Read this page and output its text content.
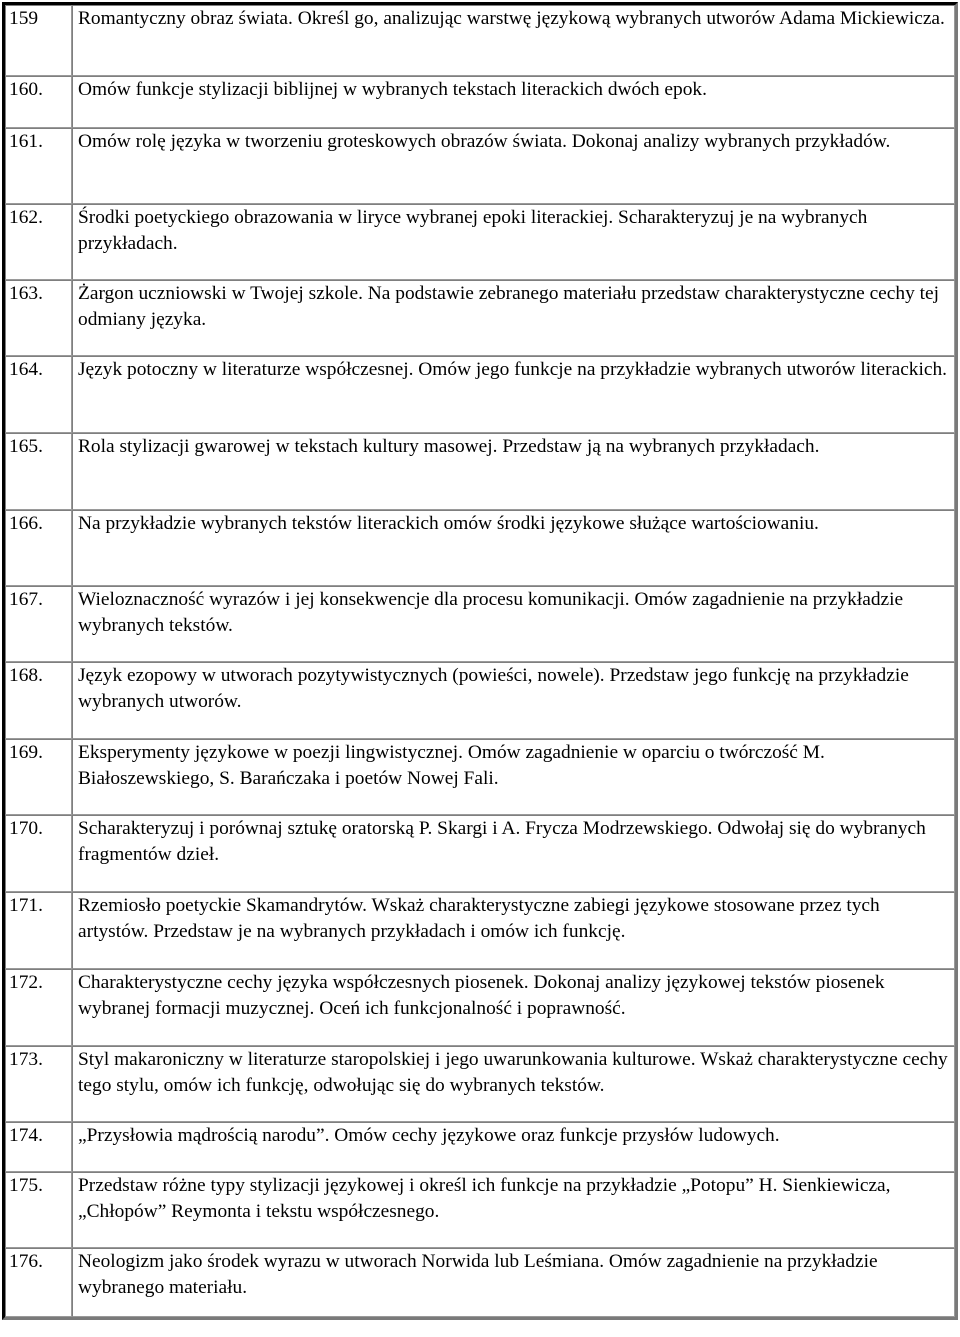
159	Romantyczny obraz świata. Określ go, analizując warstwę językową wybranych utworów Adama Mickiewicza.
160.	Omów funkcje stylizacji biblijnej w wybranych tekstach literackich dwóch epok.
161.	Omów rolę języka w tworzeniu groteskowych obrazów świata. Dokonaj analizy wybranych przykładów.
162.	Środki poetyckiego obrazowania w liryce wybranej epoki literackiej. Scharakteryzuj je na wybranych przykładach.
163.	Żargon uczniowski w Twojej szkole. Na podstawie zebranego materiału przedstaw charakterystyczne cechy tej odmiany języka.
164.	Język potoczny w literaturze współczesnej. Omów jego funkcje na przykładzie wybranych utworów literackich.
165.	Rola stylizacji gwarowej w tekstach kultury masowej. Przedstaw ją na wybranych przykładach.
166.	Na przykładzie wybranych tekstów literackich omów środki językowe służące wartościowaniu.
167.	Wieloznaczność wyrazów i jej konsekwencje dla procesu komunikacji. Omów zagadnienie na przykładzie wybranych tekstów.
168.	Język ezopowy w utworach pozytywistycznych (powieści, nowele). Przedstaw jego funkcję na przykładzie wybranych utworów.
169.	Eksperymenty językowe w poezji lingwistycznej. Omów zagadnienie w oparciu o twórczość M. Białoszewskiego, S. Barańczaka i poetów Nowej Fali.
170.	Scharakteryzuj i porównaj sztukę oratorską P. Skargi i A. Frycza Modrzewskiego. Odwołaj się do wybranych fragmentów dzieł.
171.	Rzemiosło poetyckie Skamandrytów. Wskaż charakterystyczne zabiegi językowe stosowane przez tych artystów. Przedstaw je na wybranych przykładach i omów ich funkcję.
172.	Charakterystyczne cechy języka współczesnych piosenek. Dokonaj analizy językowej tekstów piosenek wybranej formacji muzycznej. Oceń ich funkcjonalność i poprawność.
173.	Styl makaroniczny w literaturze staropolskiej i jego uwarunkowania kulturowe. Wskaż charakterystyczne cechy tego stylu, omów ich funkcję, odwołując się do wybranych tekstów.
174.	„Przysłowia mądrością narodu”. Omów cechy językowe oraz funkcje przysłów ludowych.
175.	Przedstaw różne typy stylizacji językowej i określ ich funkcje na przykładzie „Potopu” H. Sienkiewicza, „Chłopów” Reymonta i tekstu współczesnego.
176.	Neologizm jako środek wyrazu w utworach Norwida lub Leśmiana. Omów zagadnienie na przykładzie wybranego materiału.
